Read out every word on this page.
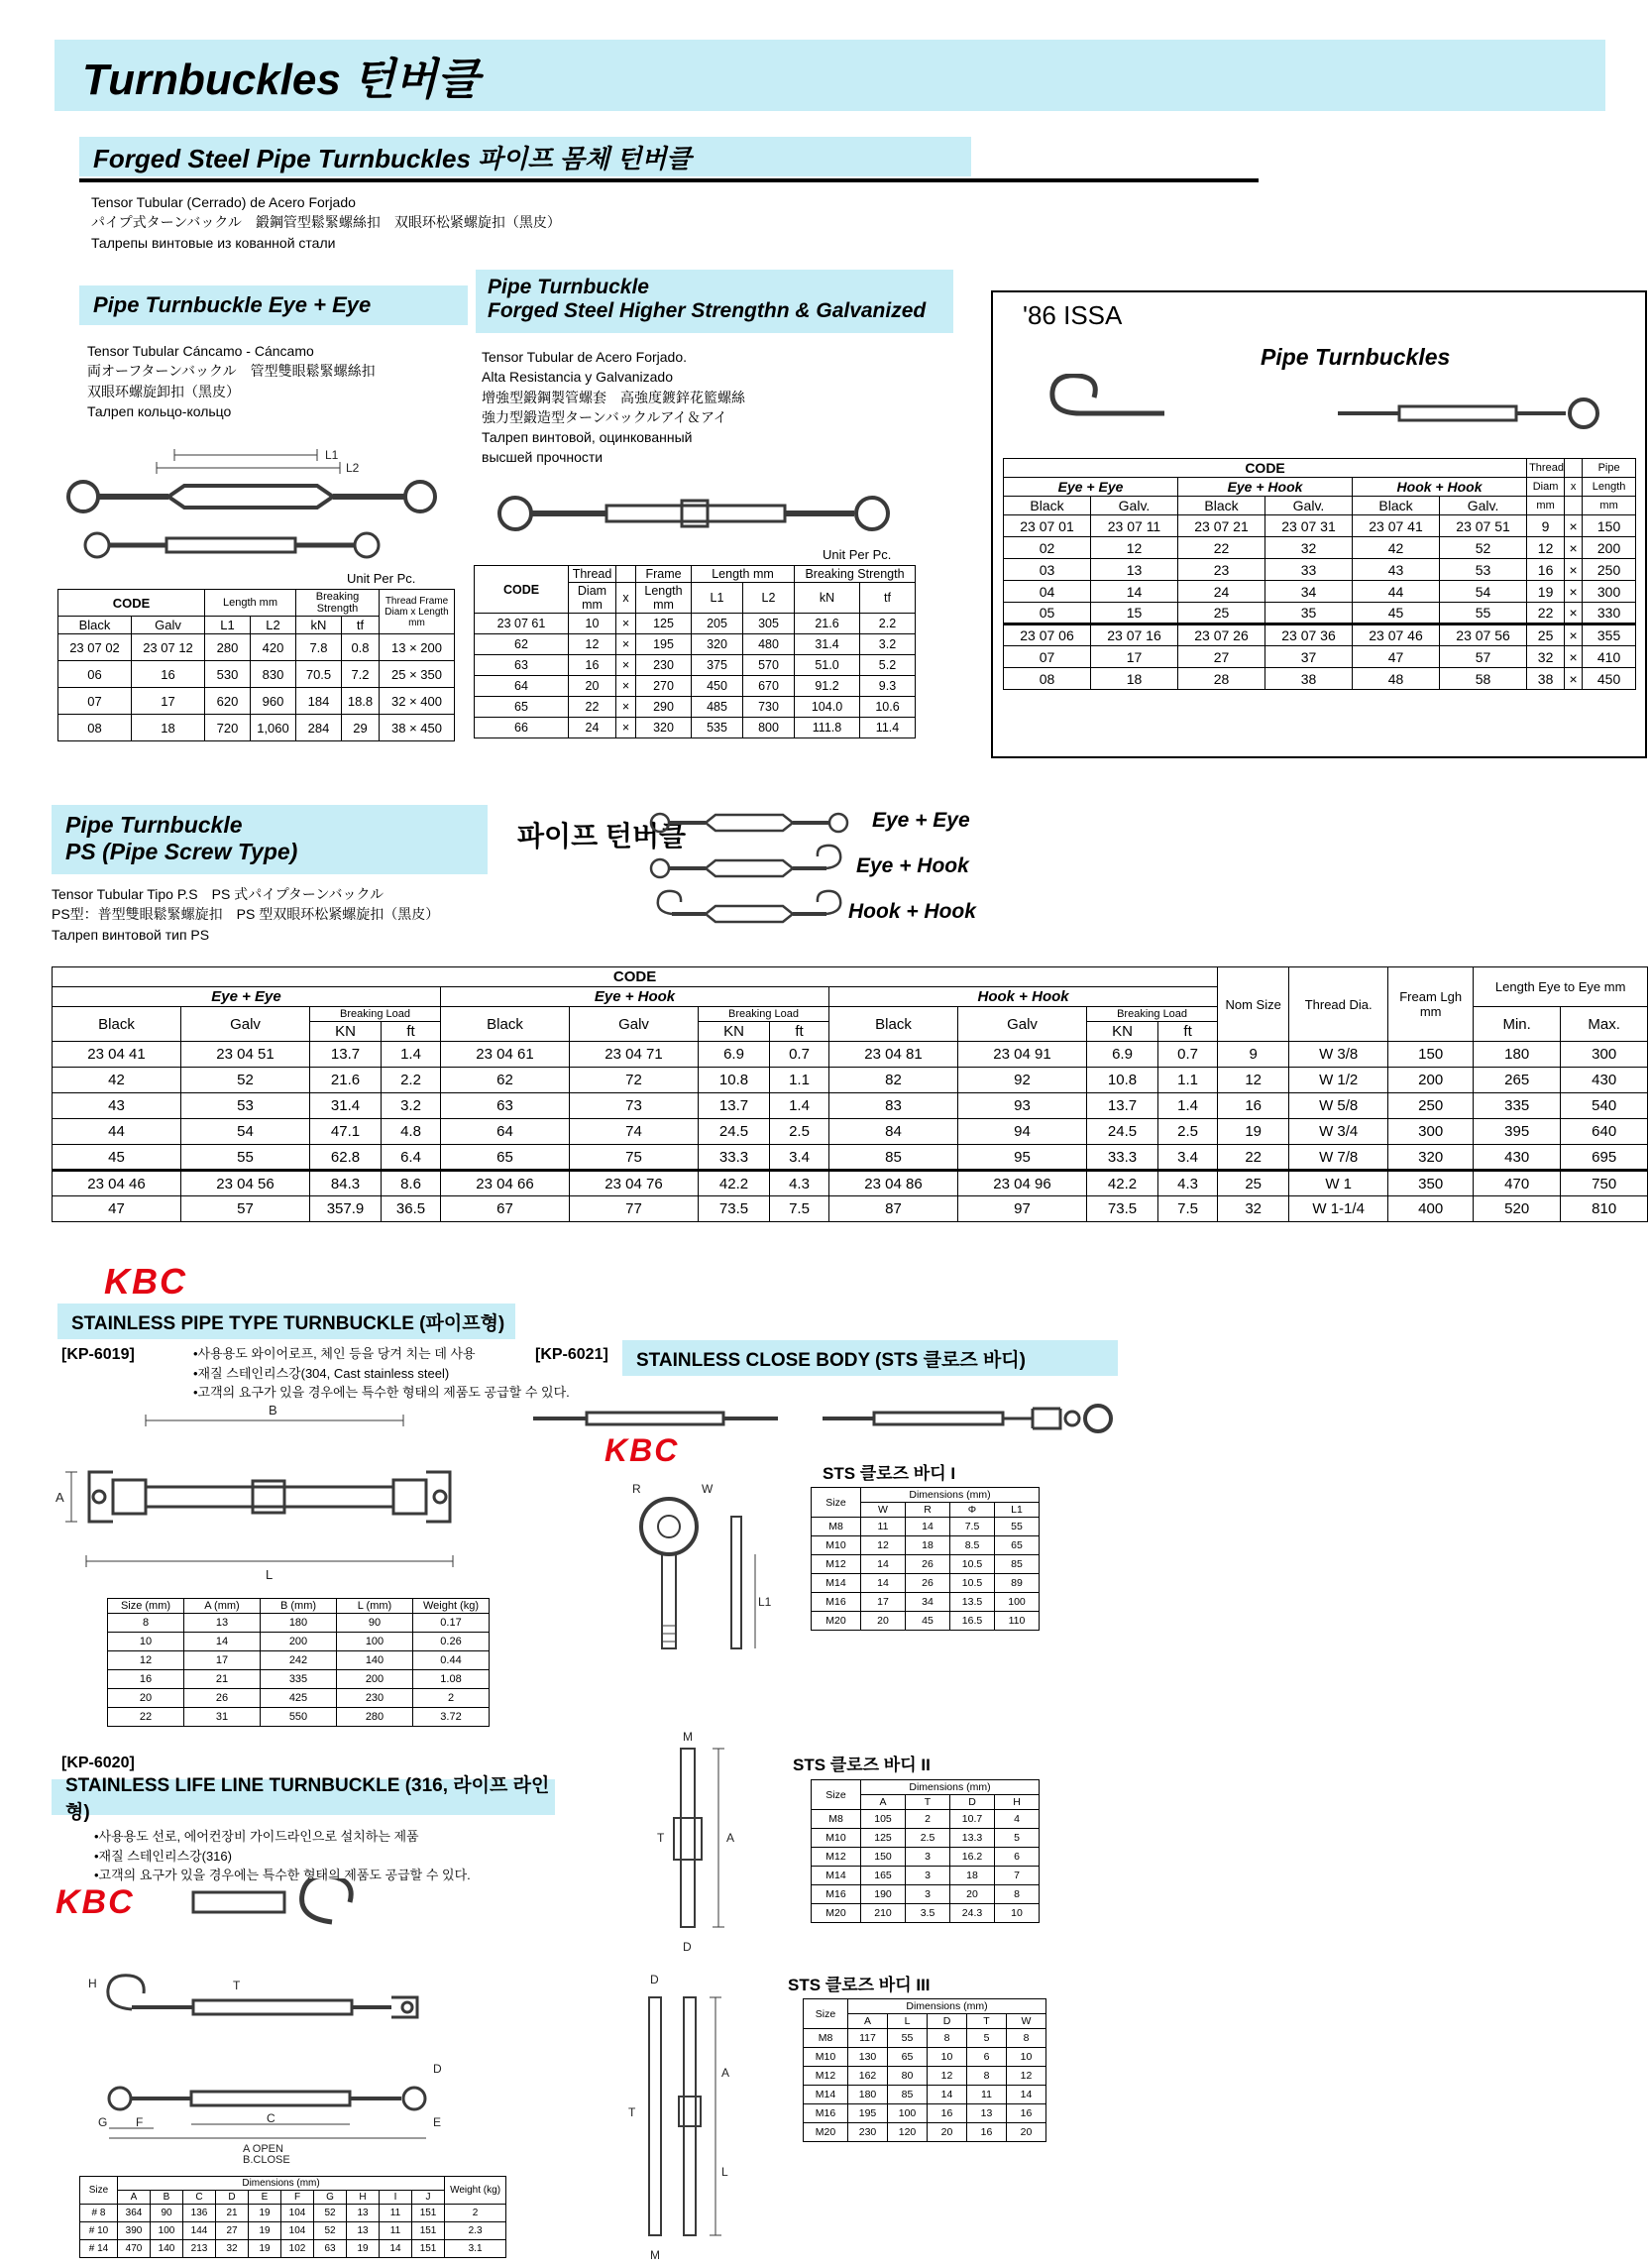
Turnbuckles 턴버클
Forged Steel Pipe Turnbuckles 파이프 몸체 턴버클
Tensor Tubular (Cerrado) de Acero Forjado
パイプ式ターンバックル　鍛鋼管型鬆緊螺絲扣　双眼环松紧螺旋扣（黑皮）
Талрепы винтовые из кованной стали
Pipe Turnbuckle Eye + Eye
Tensor Tubular Cáncamo - Cáncamo
両オーフターンバックル　管型雙眼鬆緊螺絲扣
双眼环螺旋卸扣（黑皮）
Талреп кольцо-кольцо
L1
L2
Unit Per Pc.
CODE		Length mm		Breaking Strength		Thread Frame Diam x Length mm
Black	Galv	L1	L2	kN	tf	
23 07 02	23 07 12	280	420	7.8	0.8	13 × 200
06	16	530	830	70.5	7.2	25 × 350
07	17	620	960	184	18.8	32 × 400
08	18	720	1,060	284	29	38 × 450
Pipe Turnbuckle
Forged Steel Higher Strengthn & Galvanized
Tensor Tubular de Acero Forjado.
Alta Resistancia y Galvanizado
增強型鍛鋼製管螺套　高強度鍍鋅花籃螺絲
強力型鍛造型ターンバックルアイ＆アイ
Талреп винтовой, оцинкованный
высшей прочности
Unit Per Pc.
CODE	Thread		Frame	Length mm		Breaking Strength	
	Diam mm	x	Length mm	L1	L2	kN	tf
23 07 61	10	×	125	205	305	21.6	2.2
62	12	×	195	320	480	31.4	3.2
63	16	×	230	375	570	51.0	5.2
64	20	×	270	450	670	91.2	9.3
65	22	×	290	485	730	104.0	10.6
66	24	×	320	535	800	111.8	11.4
'86 ISSA
Pipe Turnbuckles
CODE						Thread		Pipe
Eye + Eye		Eye + Hook		Hook + Hook		Diam	x	Length
Black	Galv.	Black	Galv.	Black	Galv.	mm		mm
23 07 01	23 07 11	23 07 21	23 07 31	23 07 41	23 07 51	9	×	150
02	12	22	32	42	52	12	×	200
03	13	23	33	43	53	16	×	250
04	14	24	34	44	54	19	×	300
05	15	25	35	45	55	22	×	330
23 07 06	23 07 16	23 07 26	23 07 36	23 07 46	23 07 56	25	×	355
07	17	27	37	47	57	32	×	410
08	18	28	38	48	58	38	×	450
Pipe Turnbuckle
PS (Pipe Screw Type)	파이프 턴버클
Eye + Eye
Eye + Hook
Hook + Hook
Tensor Tubular Tipo P.S　PS 式パイプターンバックル
PS型：普型雙眼鬆緊螺旋扣　PS 型双眼环松紧螺旋扣（黑皮）
Талреп винтовой тип PS
CODE												Nom Size	Thread Dia.	Fream Lgh mm	Length Eye to Eye mm	
Eye + Eye				Eye + Hook				Hook + Hook								
Black	Galv	Breaking Load		Black	Galv	Breaking Load		Black	Galv	Breaking Load					Min.	Max.
		KN	ft			KN	ft			KN	ft					
23 04 41	23 04 51	13.7	1.4	23 04 61	23 04 71	6.9	0.7	23 04 81	23 04 91	6.9	0.7	9	W 3/8	150	180	300
42	52	21.6	2.2	62	72	10.8	1.1	82	92	10.8	1.1	12	W 1/2	200	265	430
43	53	31.4	3.2	63	73	13.7	1.4	83	93	13.7	1.4	16	W 5/8	250	335	540
44	54	47.1	4.8	64	74	24.5	2.5	84	94	24.5	2.5	19	W 3/4	300	395	640
45	55	62.8	6.4	65	75	33.3	3.4	85	95	33.3	3.4	22	W 7/8	320	430	695
23 04 46	23 04 56	84.3	8.6	23 04 66	23 04 76	42.2	4.3	23 04 86	23 04 96	42.2	4.3	25	W 1	350	470	750
47	57	357.9	36.5	67	77	73.5	7.5	87	97	73.5	7.5	32	W 1-1/4	400	520	810
KBC
STAINLESS PIPE TYPE TURNBUCKLE (파이프형)
[KP-6019]	•사용용도 와이어로프, 체인 등을 당겨 치는 데 사용
•재질 스테인리스강(304, Cast stainless steel)
•고객의 요구가 있을 경우에는 특수한 형태의 제품도 공급할 수 있다.
B
A
L
Size (mm)	A (mm)	B (mm)	L (mm)	Weight (kg)
8	13	180	90	0.17
10	14	200	100	0.26
12	17	242	140	0.44
16	21	335	200	1.08
20	26	425	230	2
22	31	550	280	3.72
[KP-6021] STAINLESS CLOSE BODY (STS 클로즈 바디)
KBC
R	W
L1
STS 클로즈 바디 I
Size	Dimensions (mm)			
	W	R	Φ	L1
M8	11	14	7.5	55
M10	12	18	8.5	65
M12	14	26	10.5	85
M14	14	26	10.5	89
M16	17	34	13.5	100
M20	20	45	16.5	110
M
T	A
D
STS 클로즈 바디 II
Size	Dimensions (mm)			
	A	T	D	H
M8	105	2	10.7	4
M10	125	2.5	13.3	5
M12	150	3	16.2	6
M14	165	3	18	7
M16	190	3	20	8
M20	210	3.5	24.3	10
[KP-6020]
STAINLESS LIFE LINE TURNBUCKLE (316, 라이프 라인형)
•사용용도 선로, 에어컨장비 가이드라인으로 설치하는 제품
•재질 스테인리스강(316)
•고객의 요구가 있을 경우에는 특수한 형태의 제품도 공급할 수 있다.
KBC
H	T
G F
D
E
C
A OPEN
B.CLOSE
Size	Dimensions (mm)										Weight (kg)
	A	B	C	D	E	F	G	H	I	J	
# 8	364	90	136	21	19	104	52	13	11	151	2
# 10	390	100	144	27	19	104	52	13	11	151	2.3
# 14	470	140	213	32	19	102	63	19	14	151	3.1
D
T
A
L
M
STS 클로즈 바디 III
Size	Dimensions (mm)				
	A	L	D	T	W
M8	117	55	8	5	8
M10	130	65	10	6	10
M12	162	80	12	8	12
M14	180	85	14	11	14
M16	195	100	16	13	16
M20	230	120	20	16	20
